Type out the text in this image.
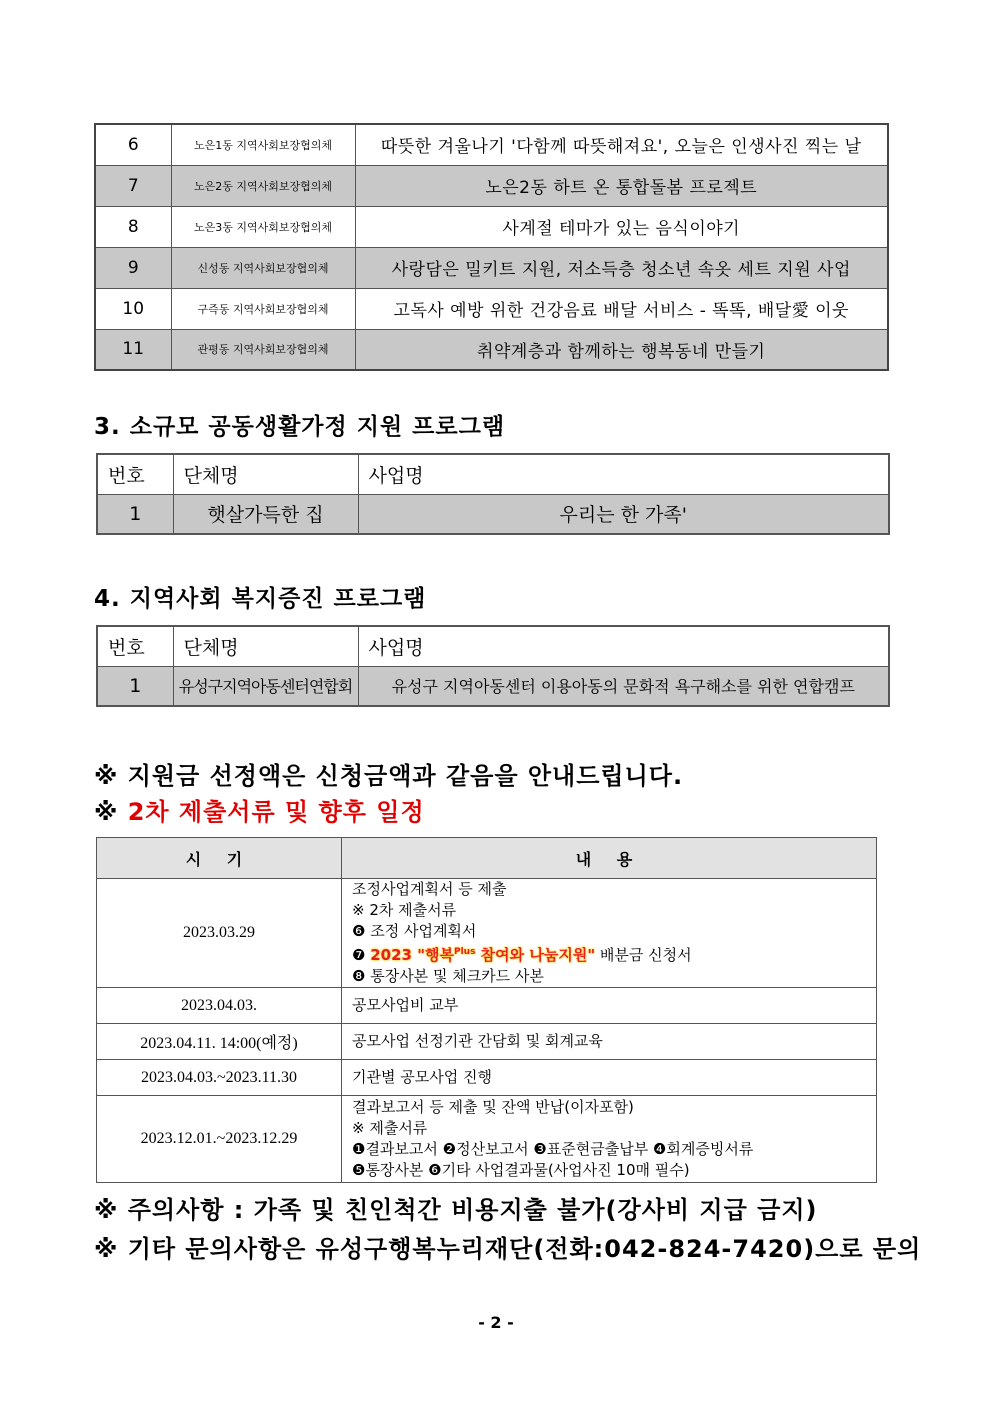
6	노은1동 지역사회보장협의체	따뜻한 겨울나기 '다함께 따뜻해져요', 오늘은 인생사진 찍는 날
7	노은2동 지역사회보장협의체	노은2동 하트 온 통합돌봄 프로젝트
8	노은3동 지역사회보장협의체	사계절 테마가 있는 음식이야기
9	신성동 지역사회보장협의체	사랑담은 밀키트 지원, 저소득층 청소년 속옷 세트 지원 사업
10	구즉동 지역사회보장협의체	고독사 예방 위한 건강음료 배달 서비스 - 똑똑, 배달愛 이웃
11	관평동 지역사회보장협의체	취약계층과 함께하는 행복동네 만들기
3. 소규모 공동생활가정 지원 프로그램
번호	단체명	사업명
1	햇살가득한 집	우리는 한 가족'
4. 지역사회 복지증진 프로그램
번호	단체명	사업명
1	유성구지역아동센터연합회	유성구 지역아동센터 이용아동의 문화적 욕구해소를 위한 연합캠프
※ 지원금 선정액은 신청금액과 같음을 안내드립니다.
※ 2차 제출서류 및 향후 일정
시 기	내 용
2023.03.29	조정사업계획서 등 제출
※ 2차 제출서류
❻ 조정 사업계획서
❼ 2023 "행복$^{Plus}$ 참여와 나눔지원" 배분금 신청서
❽ 통장사본 및 체크카드 사본

2023.04.03.	공모사업비 교부
2023.04.11. 14:00(예정)	공모사업 선정기관 간담회 및 회계교육
2023.04.03.~2023.11.30	기관별 공모사업 진행
2023.12.01.~2023.12.29	결과보고서 등 제출 및 잔액 반납(이자포함)
※ 제출서류
❶결과보고서 ❷정산보고서 ❸표준현금출납부 ❹회계증빙서류
❺통장사본 ❻기타 사업결과물(사업사진 10매 필수)
※ 주의사항 : 가족 및 친인척간 비용지출 불가(강사비 지급 금지)
※ 기타 문의사항은 유성구행복누리재단(전화:042-824-7420)으로 문의
- 2 -
